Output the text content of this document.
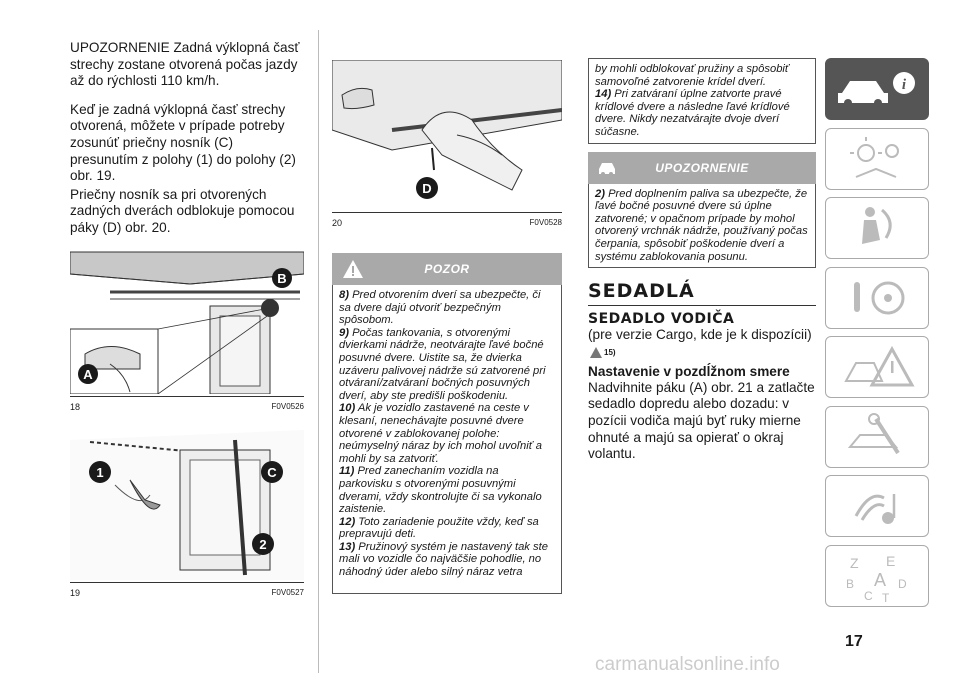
UPOZORNENIE Zadná výklopná časť strechy zostane otvorená počas jazdy až do rýchlosti 110 km/h.

Keď je zadná výklopná časť strechy otvorená, môžete v prípade potreby zosunúť priečny nosník (C) presunutím z polohy (1) do polohy (2) obr. 19.

Priečny nosník sa pri otvorených zadných dverách odblokuje pomocou páky (D) obr. 20.

B
A
18	F0V0526
1	C
2
19	F0V0527
D
20	F0V0528
POZOR

8) Pred otvorením dverí sa ubezpečte, či sa dvere dajú otvoriť bezpečným spôsobom.

9) Počas tankovania, s otvorenými dvierkami nádrže, neotvárajte ľavé bočné posuvné dvere. Uistite sa, že dvierka uzáveru palivovej nádrže sú zatvorené pri otváraní/zatváraní bočných posuvných dverí, aby ste predišli poškodeniu.

10) Ak je vozidlo zastavené na ceste v klesaní, nenechávajte posuvné dvere otvorené v zablokovanej polohe: neúmyselný náraz by ich mohol uvoľniť a mohli by sa zatvoriť.

11) Pred zanechaním vozidla na parkovisku s otvorenými posuvnými dverami, vždy skontrolujte či sa vykonalo zaistenie.

12) Toto zariadenie použite vždy, keď sa prepravujú deti.

13) Pružinový systém je nastavený tak ste mali vo vozidle čo najväčšie pohodlie, no náhodný úder alebo silný náraz vetra

by mohli odblokovať pružiny a spôsobiť samovoľné zatvorenie krídel dverí.

14) Pri zatváraní úplne zatvorte pravé krídlové dvere a následne ľavé krídlové dvere. Nikdy nezatvárajte dvoje dverí súčasne.

UPOZORNENIE

2) Pred doplnením paliva sa ubezpečte, že ľavé bočné posuvné dvere sú úplne zatvorené; v opačnom prípade by mohol otvorený vrchnák nádrže, používaný počas čerpania, spôsobiť poškodenie dverí a systému zablokovania posunu.

SEDADLÁ
SEDADLO VODIČA
(pre verzie Cargo, kde je k dispozícii)
15)
Nastavenie v pozdĺžnom smere

Nadvihnite páku (A) obr. 21 a zatlačte sedadlo dopredu alebo dozadu: v pozícii vodiča majú byť ruky mierne ohnuté a majú sa opierať o okraj volantu.

i
Z E
B A D
C T
17
carmanualsonline.info
